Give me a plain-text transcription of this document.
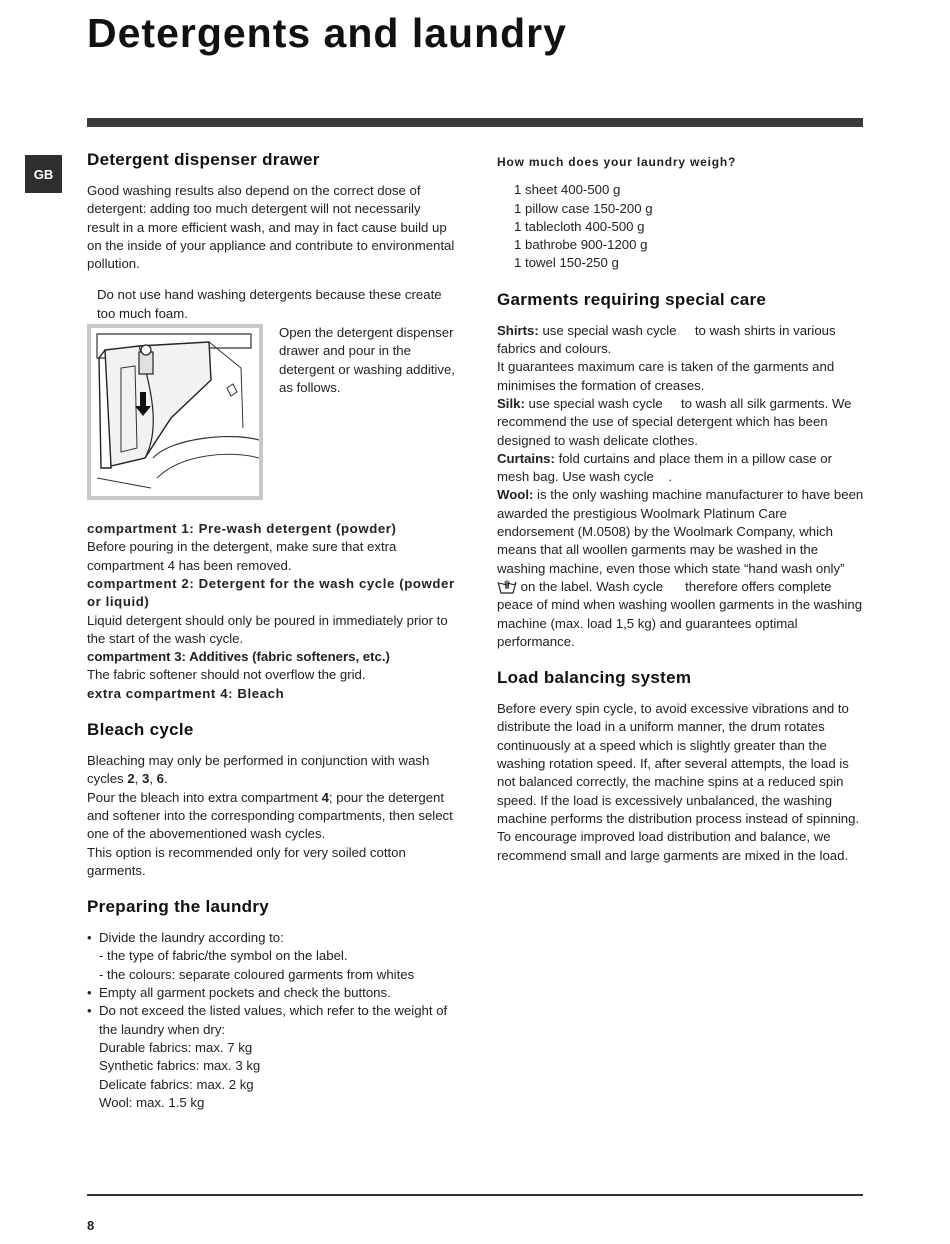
Detergents and laundry
GB
Detergent dispenser drawer

Good washing results also depend on the correct dose of detergent: adding too much detergent will not necessarily result in a more efficient wash, and may in fact cause build up on the inside of your appliance and contribute to environmental pollution.

Do not use hand washing detergents because these create too much foam.

Open the detergent dispenser drawer and pour in the detergent or washing additive, as follows.

compartment 1: Pre-wash detergent (powder)

Before pouring in the detergent, make sure that extra compartment 4 has been removed.

compartment 2: Detergent for the wash cycle (powder or liquid)

Liquid detergent should only be poured in immediately prior to the start of the wash cycle.

compartment 3: Additives (fabric softeners, etc.)

The fabric softener should not overflow the grid.

extra compartment 4: Bleach

Bleach cycle

Bleaching may only be performed in conjunction with wash cycles 2, 3, 6.

Pour the bleach into extra compartment 4; pour the detergent and softener into the corresponding compartments, then select one of the abovementioned wash cycles.

This option is recommended only for very soiled cotton garments.

Preparing the laundry
• Divide the laundry according to:
- the type of fabric/the symbol on the label.
- the colours: separate coloured garments from whites
• Empty all garment pockets and check the buttons.
• Do not exceed the listed values, which refer to the weight of the laundry when dry:
Durable fabrics: max. 7 kg
Synthetic fabrics: max. 3 kg
Delicate fabrics: max. 2 kg
Wool: max. 1.5 kg

How much does your laundry weigh?

1 sheet 400-500 g
1 pillow case 150-200 g
1 tablecloth 400-500 g
1 bathrobe 900-1200 g
1 towel 150-250 g
Garments requiring special care

Shirts: use special wash cycle     to wash shirts in various fabrics and colours.

It guarantees maximum care is taken of the garments and minimises the formation of creases.

Silk: use special wash cycle     to wash all silk garments. We recommend the use of special detergent which has been designed to wash delicate clothes.

Curtains: fold curtains and place them in a pillow case or mesh bag. Use wash cycle    .

Wool: is the only washing machine manufacturer to have been awarded the prestigious Woolmark Platinum Care endorsement (M.0508) by the Woolmark Company, which means that all woollen garments may be washed in the washing machine, even those which state “hand wash only”  on the label. Wash cycle      therefore offers complete peace of mind when washing woollen garments in the washing machine (max. load 1,5 kg) and guarantees optimal performance.

Load balancing system

Before every spin cycle, to avoid excessive vibrations and to distribute the load in a uniform manner, the drum rotates continuously at a speed which is slightly greater than the washing rotation speed. If, after several attempts, the load is not balanced correctly, the machine spins at a reduced spin speed. If the load is excessively unbalanced, the washing machine performs the distribution process instead of spinning. To encourage improved load distribution and balance, we recommend small and large garments are mixed in the load.

8
